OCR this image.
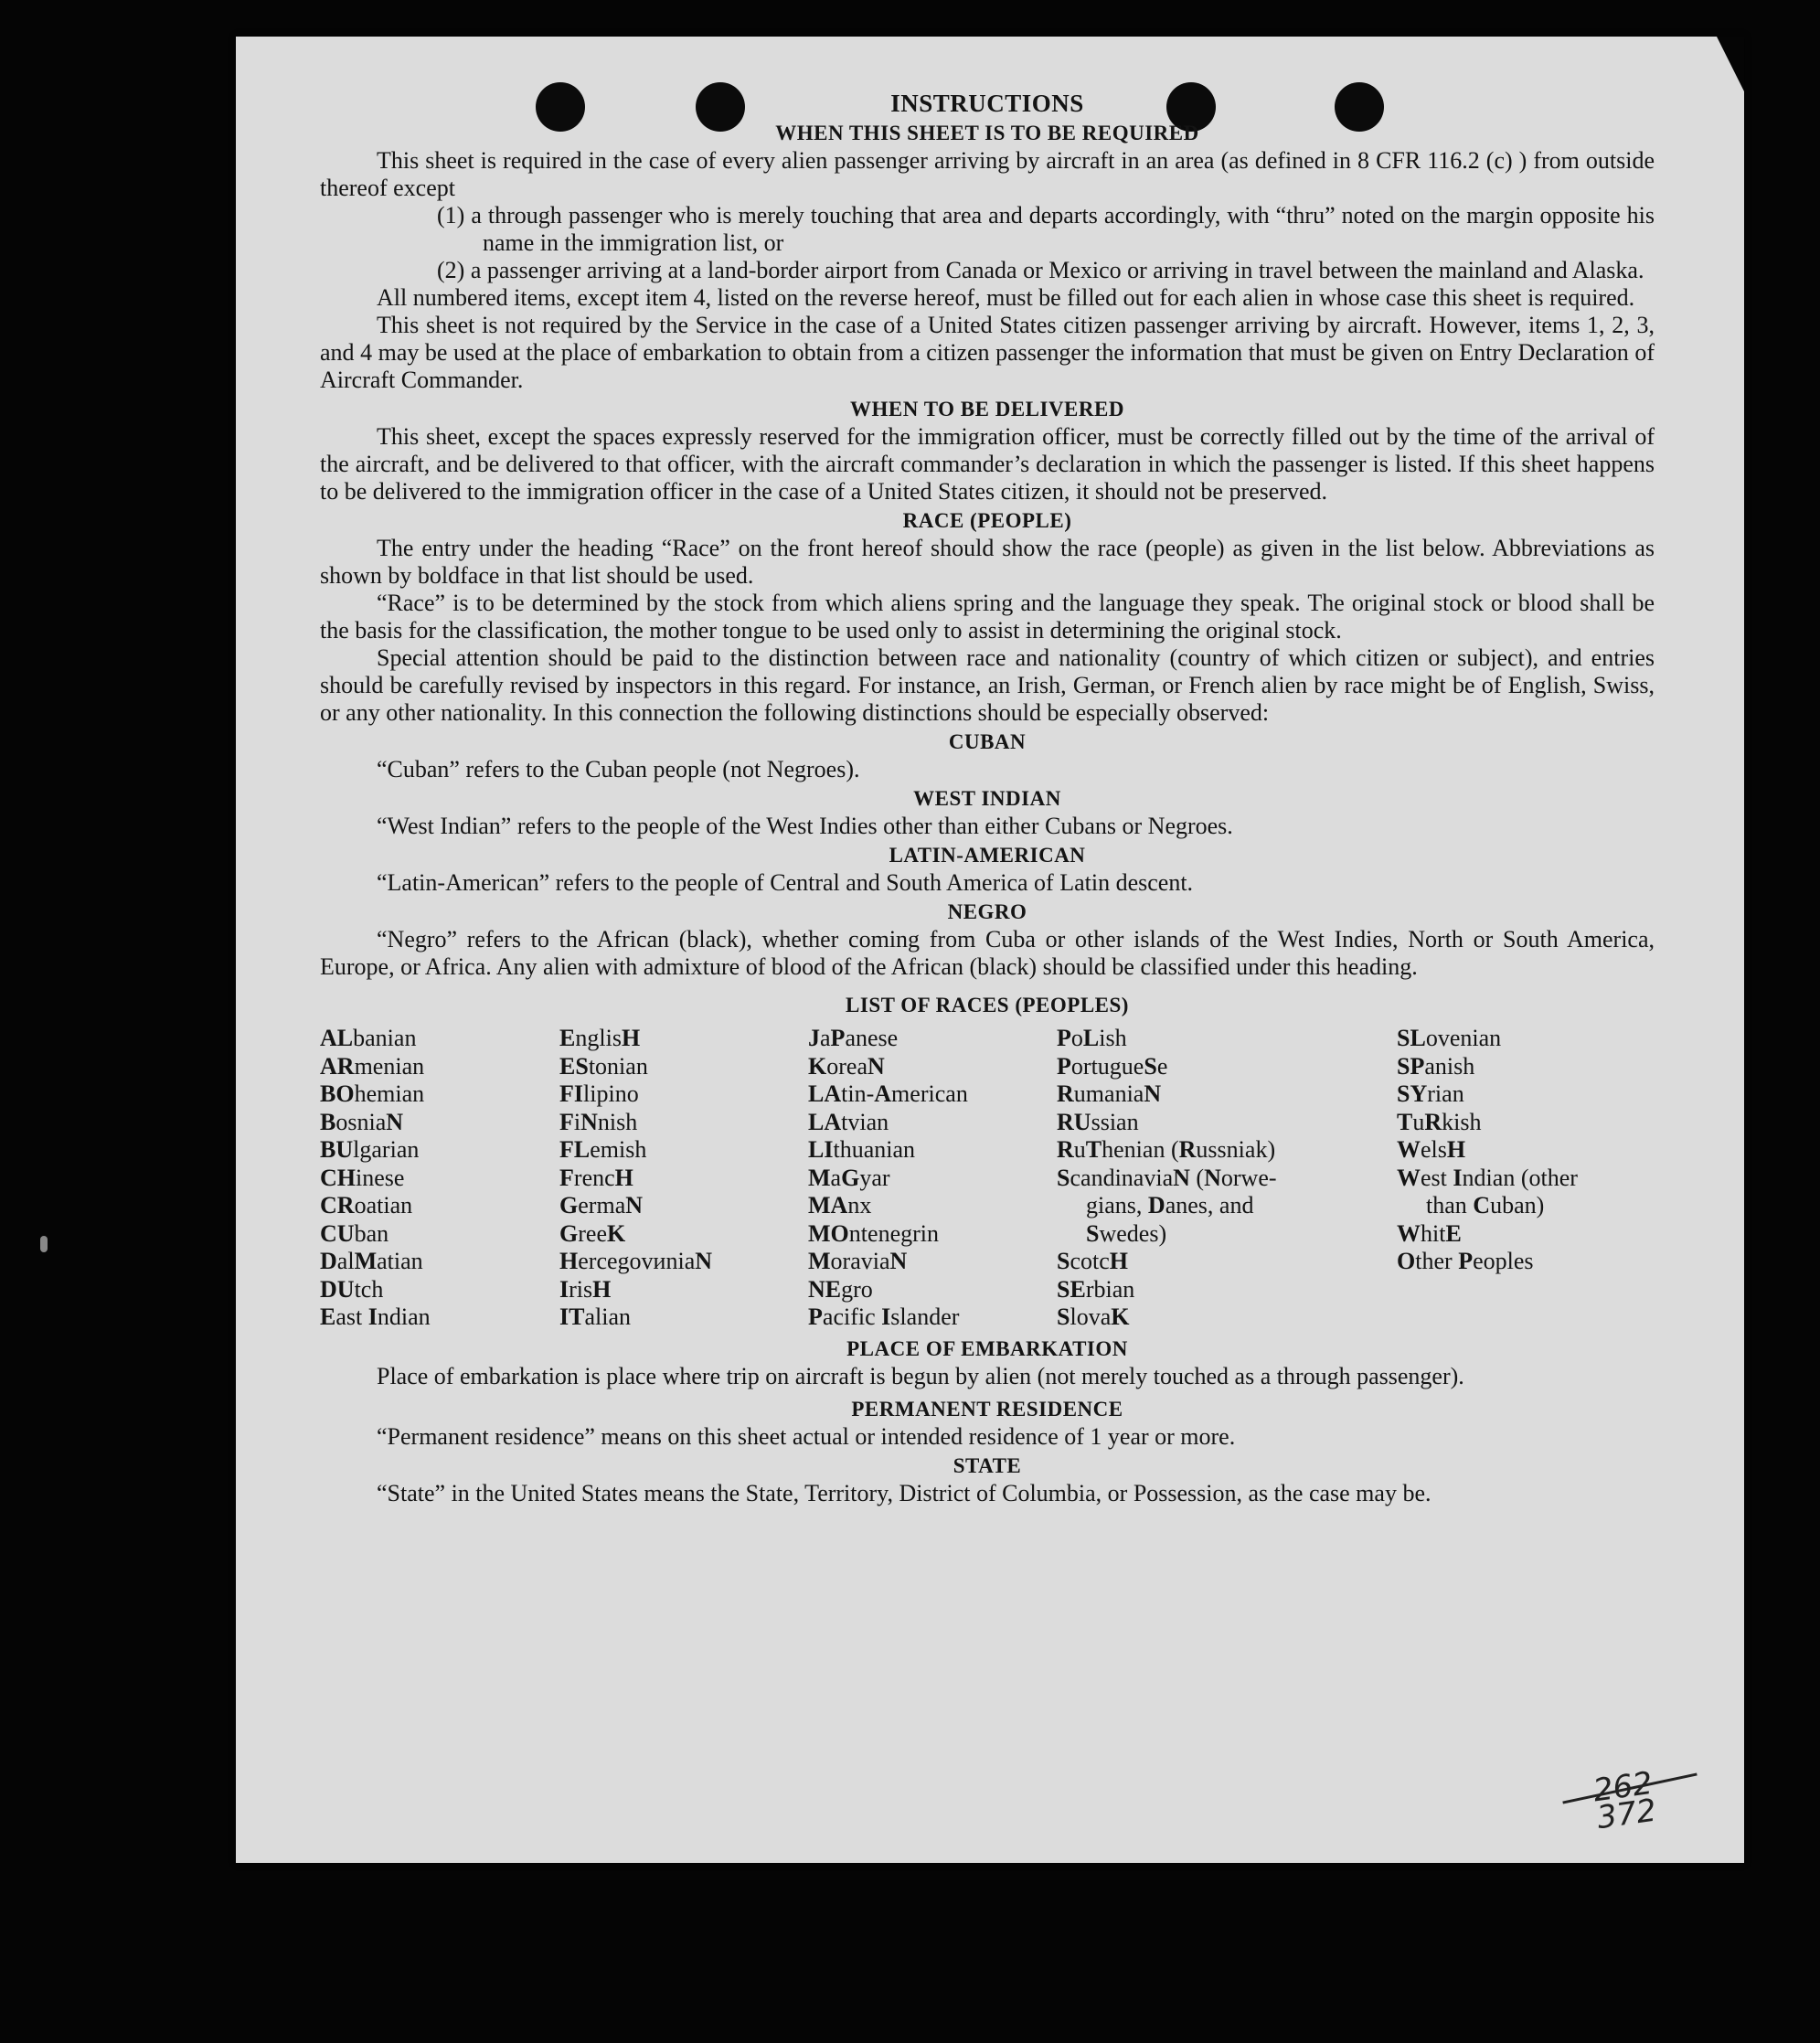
INSTRUCTIONS
WHEN THIS SHEET IS TO BE REQUIRED

This sheet is required in the case of every alien passenger arriving by aircraft in an area (as defined in 8 CFR 116.2 (c) ) from outside thereof except

(1) a through passenger who is merely touching that area and departs accordingly, with “thru” noted on the margin opposite his name in the immigration list, or

(2) a passenger arriving at a land-border airport from Canada or Mexico or arriving in travel between the mainland and Alaska.

All numbered items, except item 4, listed on the reverse hereof, must be filled out for each alien in whose case this sheet is required.

This sheet is not required by the Service in the case of a United States citizen passenger arriving by aircraft. However, items 1, 2, 3, and 4 may be used at the place of embarkation to obtain from a citizen passenger the information that must be given on Entry Declaration of Aircraft Commander.

WHEN TO BE DELIVERED

This sheet, except the spaces expressly reserved for the immigration officer, must be correctly filled out by the time of the arrival of the aircraft, and be delivered to that officer, with the aircraft commander’s declaration in which the passenger is listed. If this sheet happens to be delivered to the immigration officer in the case of a United States citizen, it should not be preserved.

RACE (PEOPLE)

The entry under the heading “Race” on the front hereof should show the race (people) as given in the list below. Abbreviations as shown by boldface in that list should be used.

“Race” is to be determined by the stock from which aliens spring and the language they speak. The original stock or blood shall be the basis for the classification, the mother tongue to be used only to assist in determining the original stock.

Special attention should be paid to the distinction between race and nationality (country of which citizen or subject), and entries should be carefully revised by inspectors in this regard. For instance, an Irish, German, or French alien by race might be of English, Swiss, or any other nationality. In this connection the following distinctions should be especially observed:

CUBAN

“Cuban” refers to the Cuban people (not Negroes).

WEST INDIAN

“West Indian” refers to the people of the West Indies other than either Cubans or Negroes.

LATIN-AMERICAN

“Latin-American” refers to the people of Central and South America of Latin descent.

NEGRO

“Negro” refers to the African (black), whether coming from Cuba or other islands of the West Indies, North or South America, Europe, or Africa. Any alien with admixture of blood of the African (black) should be classified under this heading.

LIST OF RACES (PEOPLES)
ALbanian
ARmenian
BOhemian
BosniaN
BUlgarian
CHinese
CRoatian
CUban
DalMatian
DUtch
East Indian
EnglisH
EStonian
FIlipino
FiNnish
FLemish
FrencH
GermaN
GreeK
HercegovиniaN
IrisH
ITalian
JaPanese
KoreaN
LAtin-American
LAtvian
LIthuanian
MaGyar
MAnx
MOntenegrin
MoraviaN
NEgro
Pacific Islander
PoLish
PortugueSe
RumaniaN
RUssian
RuThenian (Russniak)
ScandinaviaN (Norwe-
gians, Danes, and
Swedes)
ScotcH
SErbian
SlovaK
SLovenian
SPanish
SYrian
TuRkish
WelsH
West Indian (other
than Cuban)
WhitE
Other Peoples
PLACE OF EMBARKATION

Place of embarkation is place where trip on aircraft is begun by alien (not merely touched as a through passenger).

PERMANENT RESIDENCE

“Permanent residence” means on this sheet actual or intended residence of 1 year or more.

STATE

“State” in the United States means the State, Territory, District of Columbia, or Possession, as the case may be.

262
372
